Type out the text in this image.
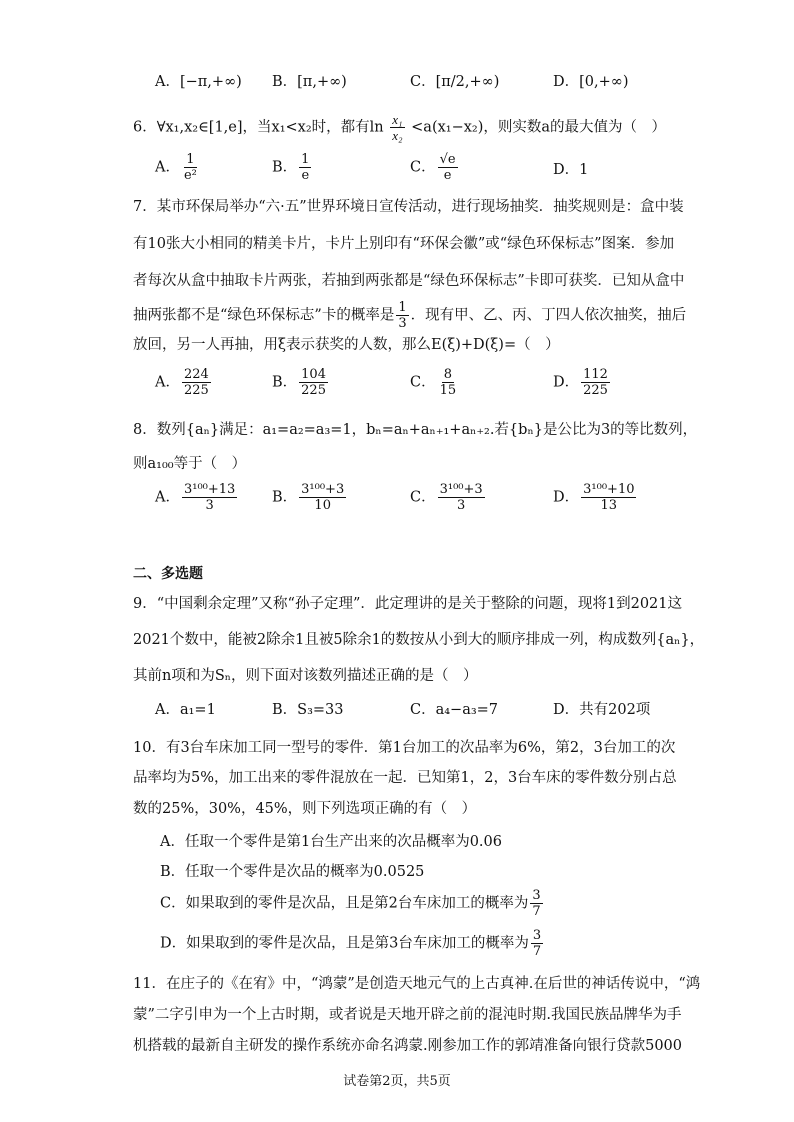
A．[−π,+∞) B．[π,+∞)	C．[π/2,+∞)	D．[0,+∞)
6．∀x₁,x₂∈[1,e]，当x₁<x₂时，都有$\ln \frac{\text{x₁}}{\text{x₂}} <a(x_1-x_2)$，则实数a的最大值为（　）
A． $\frac{1}{\text{e²}}$	B． $\frac{1}{e}$	C． $\frac{√e}{e}$	D．1
7．某市环保局举办“六·五”世界环境日宣传活动，进行现场抽奖．抽奖规则是：盒中装
有10张大小相同的精美卡片，卡片上别印有“环保会徽”或“绿色环保标志”图案．参加
者每次从盒中抽取卡片两张，若抽到两张都是“绿色环保标志”卡即可获奖．已知从盒中
抽两张都不是“绿色环保标志”卡的概率是 $\frac{1}{3}$ ．现有甲、乙、丙、丁四人依次抽奖，抽后
放回，另一人再抽，用ξ表示获奖的人数，那么E(ξ)+D(ξ)=（　）
A． $\frac{224}{225}$	B． $\frac{104}{225}$	C． $\frac{8}{15}$	D． $\frac{112}{225}$
8．数列{aₙ}满足：a₁=a₂=a₃=1，bₙ=aₙ+aₙ₊₁+aₙ₊₂.若{bₙ}是公比为3的等比数列，
则a₁₀₀等于（　）
A． $\frac{\text{3¹⁰⁰+13}}{3}$ B． $\frac{\text{3¹⁰⁰+3}}{10}$	C． $\frac{\text{3¹⁰⁰+3}}{3}$	D． $\frac{\text{3¹⁰⁰+10}}{13}$
二、多选题
9．“中国剩余定理”又称“孙子定理”．此定理讲的是关于整除的问题，现将1到2021这
2021个数中，能被2除余1且被5除余1的数按从小到大的顺序排成一列，构成数列{aₙ}，
其前n项和为Sₙ，则下面对该数列描述正确的是（　）
A．a₁=1	B．S₃=33	C．a₄−a₃=7	D．共有202项
10．有3台车床加工同一型号的零件．第1台加工的次品率为6%，第2，3台加工的次
品率均为5%，加工出来的零件混放在一起．已知第1，2，3台车床的零件数分别占总
数的25%，30%，45%，则下列选项正确的有（　）
A．任取一个零件是第1台生产出来的次品概率为0.06
B．任取一个零件是次品的概率为0.0525
C．如果取到的零件是次品，且是第2台车床加工的概率为 $\frac{3}{7}$
D．如果取到的零件是次品，且是第3台车床加工的概率为 $\frac{3}{7}$
11．在庄子的《在宥》中，“鸿蒙”是创造天地元气的上古真神.在后世的神话传说中，“鸿
蒙”二字引申为一个上古时期，或者说是天地开辟之前的混沌时期.我国民族品牌华为手
机搭载的最新自主研发的操作系统亦命名鸿蒙.刚参加工作的郭靖准备向银行贷款5000
试卷第2页，共5页
